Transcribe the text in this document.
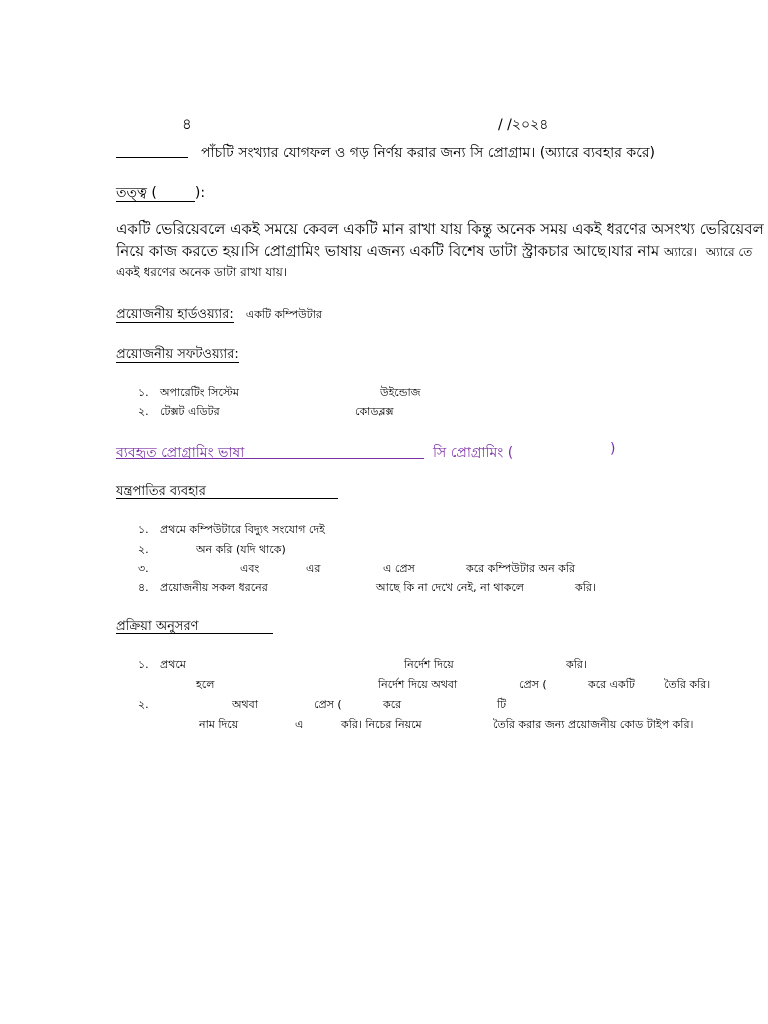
৪	/ /২০২৪
পাঁচটি সংখ্যার যোগফল ও গড় নির্ণয় করার জন্য সি প্রোগ্রাম। (অ্যারে ব্যবহার করে)
তত্ত্ব (	):
একটি ভেরিয়েবলে একই সময়ে কেবল একটি মান রাখা যায় কিন্তু অনেক সময় একই ধরণের অসংখ্য ভেরিয়েবল
নিয়ে কাজ করতে হয়।সি প্রোগ্রামিং ভাষায় এজন্য একটি বিশেষ ডাটা স্ট্রাকচার আছে।যার নাম অ্যারে। অ্যারে তে
একই ধরণের অনেক ডাটা রাখা যায়।
প্রয়োজনীয় হার্ডওয়্যার: একটি কম্পিউটার
প্রয়োজনীয় সফটওয়্যার:
১. অপারেটিং সিস্টেম	উইন্ডোজ
২. টেক্সট এডিটর	কোডব্লক্স
ব্যবহৃত প্রোগ্রামিং ভাষা	সি প্রোগ্রামিং (	)
যন্ত্রপাতির ব্যবহার
১. প্রথমে কম্পিউটারে বিদ্যুৎ সংযোগ দেই
২.	অন করি (যদি থাকে)
৩.	এবং	এর	এ প্রেস	করে কম্পিউটার অন করি
৪. প্রয়োজনীয় সকল ধরনের	আছে কি না দেখে নেই, না থাকলে	করি।
প্রক্রিয়া অনুসরণ
১. প্রথমে	নির্দেশ দিয়ে	করি।
হলে	নির্দেশ দিয়ে অথবা	প্রেস (	করে একটি	তৈরি করি।
২.	অথবা	প্রেস (	করে	টি
নাম দিয়ে	এ	করি। নিচের নিয়মে	তৈরি করার জন্য প্রয়োজনীয় কোড টাইপ করি।
